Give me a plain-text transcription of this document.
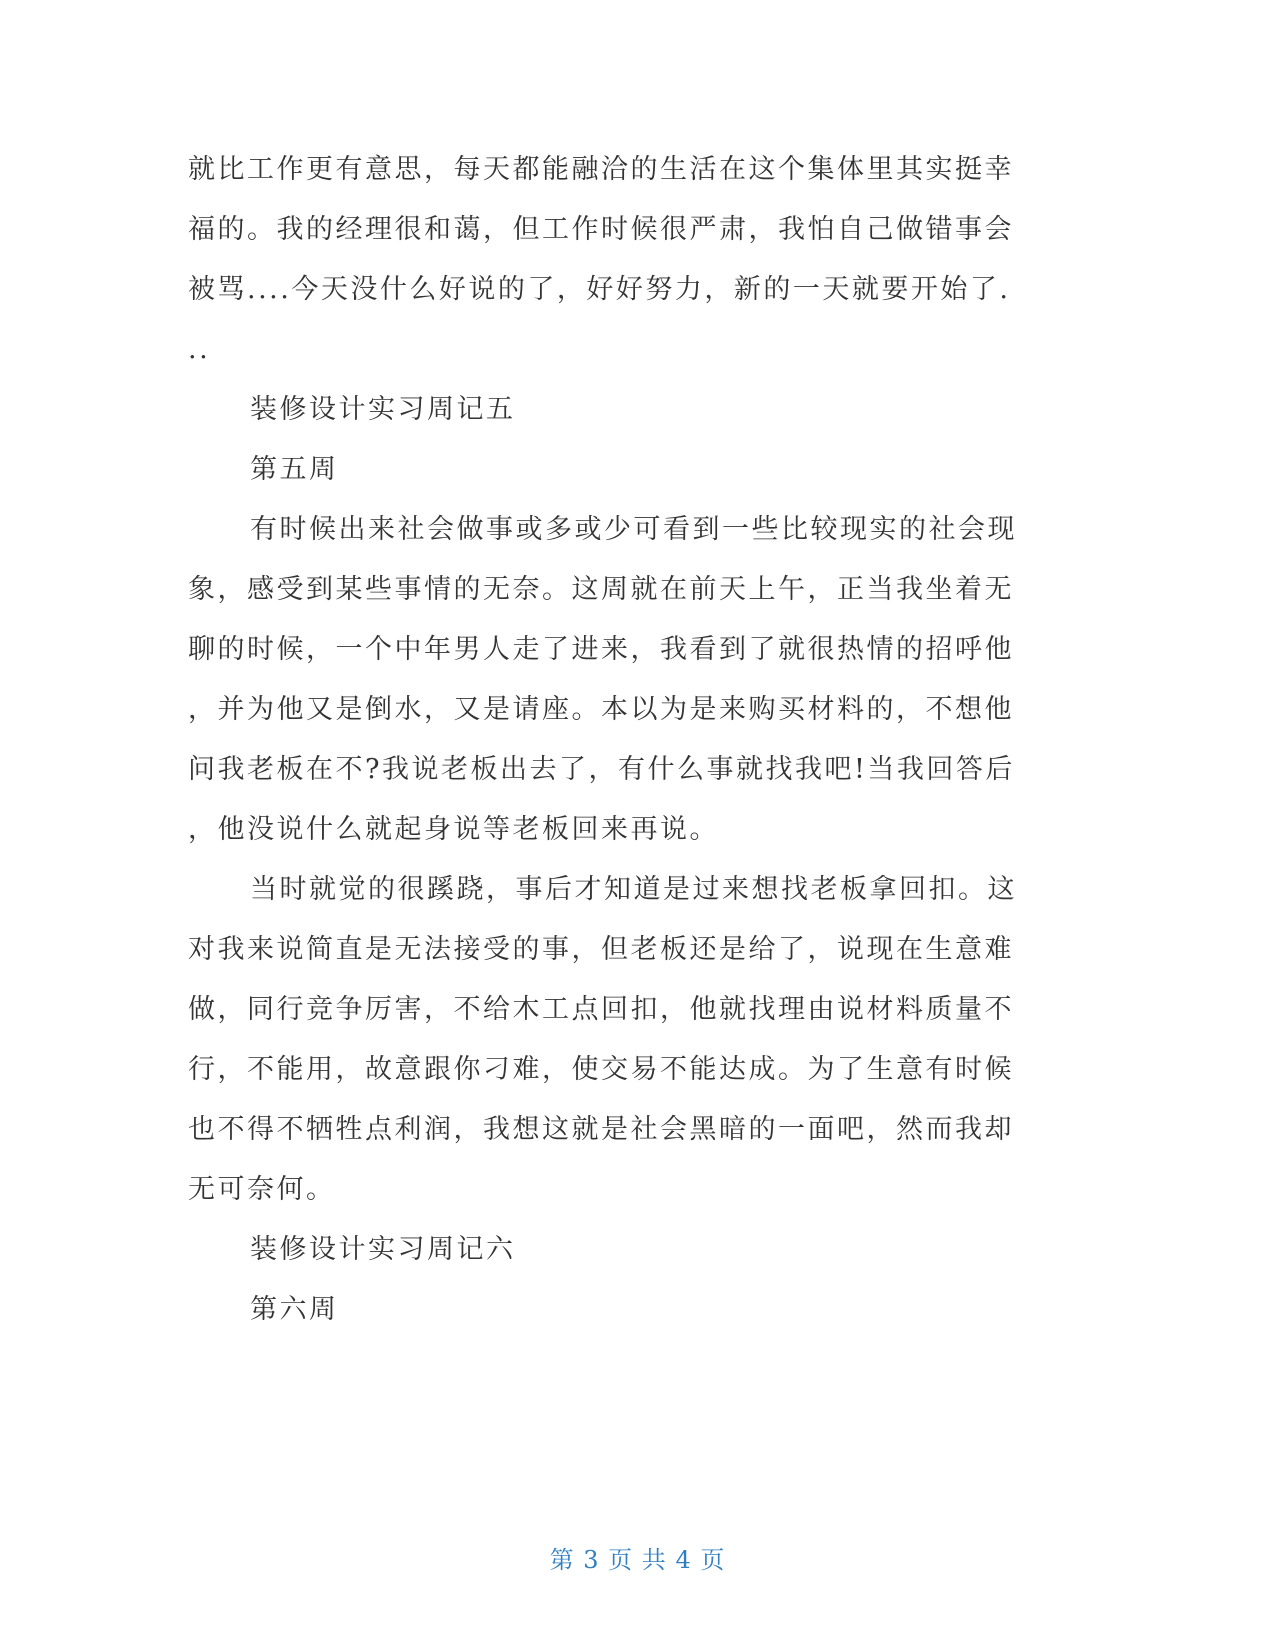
就比工作更有意思，每天都能融洽的生活在这个集体里其实挺幸

福的。我的经理很和蔼，但工作时候很严肃，我怕自己做错事会

被骂....今天没什么好说的了，好好努力，新的一天就要开始了.

..

装修设计实习周记五

第五周

有时候出来社会做事或多或少可看到一些比较现实的社会现

象，感受到某些事情的无奈。这周就在前天上午，正当我坐着无

聊的时候，一个中年男人走了进来，我看到了就很热情的招呼他

，并为他又是倒水，又是请座。本以为是来购买材料的，不想他

问我老板在不?我说老板出去了，有什么事就找我吧!当我回答后

，他没说什么就起身说等老板回来再说。

当时就觉的很蹊跷，事后才知道是过来想找老板拿回扣。这

对我来说简直是无法接受的事，但老板还是给了，说现在生意难

做，同行竞争厉害，不给木工点回扣，他就找理由说材料质量不

行，不能用，故意跟你刁难，使交易不能达成。为了生意有时候

也不得不牺牲点利润，我想这就是社会黑暗的一面吧，然而我却

无可奈何。

装修设计实习周记六

第六周

第 3 页 共 4 页
